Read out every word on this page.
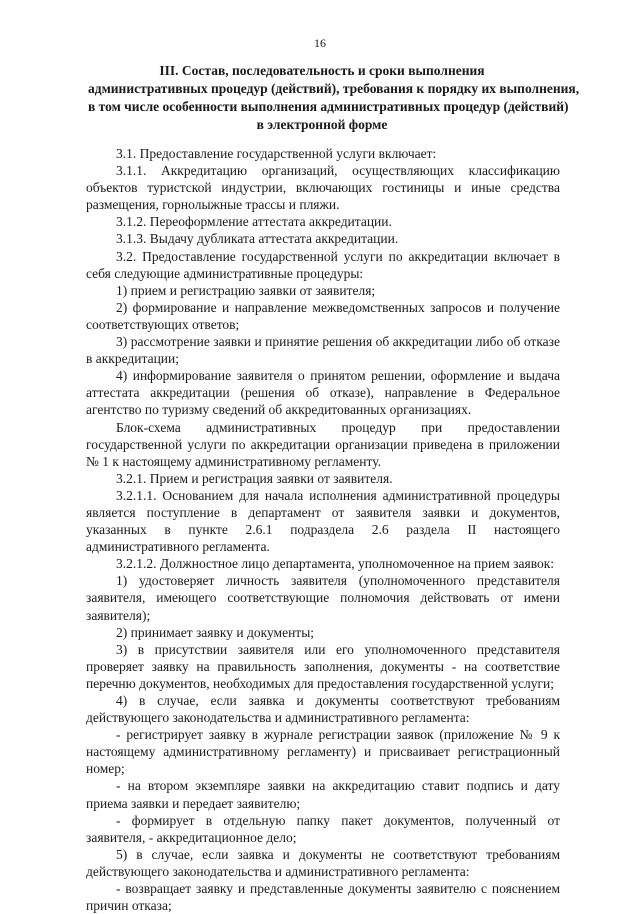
16
III. Состав, последовательность и сроки выполнения
административных процедур (действий), требования к порядку их выполнения,
в том числе особенности выполнения административных процедур (действий)
в электронной форме

3.1. Предоставление государственной услуги включает:

3.1.1. Аккредитацию организаций, осуществляющих классификацию объектов туристской индустрии, включающих гостиницы и иные средства размещения, горнолыжные трассы и пляжи.

3.1.2. Переоформление аттестата аккредитации.

3.1.3. Выдачу дубликата аттестата аккредитации.

3.2. Предоставление государственной услуги по аккредитации включает в себя следующие административные процедуры:

1) прием и регистрацию заявки от заявителя;

2) формирование и направление межведомственных запросов и получение соответствующих ответов;

3) рассмотрение заявки и принятие решения об аккредитации либо об отказе в аккредитации;

4) информирование заявителя о принятом решении, оформление и выдача аттестата аккредитации (решения об отказе), направление в Федеральное агентство по туризму сведений об аккредитованных организациях.

Блок-схема административных процедур при предоставлении государственной услуги по аккредитации организации приведена в приложении № 1 к настоящему административному регламенту.

3.2.1. Прием и регистрация заявки от заявителя.

3.2.1.1. Основанием для начала исполнения административной процедуры является поступление в департамент от заявителя заявки и документов, указанных в пункте 2.6.1 подраздела 2.6 раздела II настоящего административного регламента.

3.2.1.2. Должностное лицо департамента, уполномоченное на прием заявок:

1) удостоверяет личность заявителя (уполномоченного представителя заявителя, имеющего соответствующие полномочия действовать от имени заявителя);

2) принимает заявку и документы;

3) в присутствии заявителя или его уполномоченного представителя проверяет заявку на правильность заполнения, документы - на соответствие перечню документов, необходимых для предоставления государственной услуги;

4) в случае, если заявка и документы соответствуют требованиям действующего законодательства и административного регламента:

- регистрирует заявку в журнале регистрации заявок (приложение № 9 к настоящему административному регламенту) и присваивает регистрационный номер;

- на втором экземпляре заявки на аккредитацию ставит подпись и дату приема заявки и передает заявителю;

- формирует в отдельную папку пакет документов, полученный от заявителя, - аккредитационное дело;

5) в случае, если заявка и документы не соответствуют требованиям действующего законодательства и административного регламента:

- возвращает заявку и представленные документы заявителю с пояснением причин отказа;
